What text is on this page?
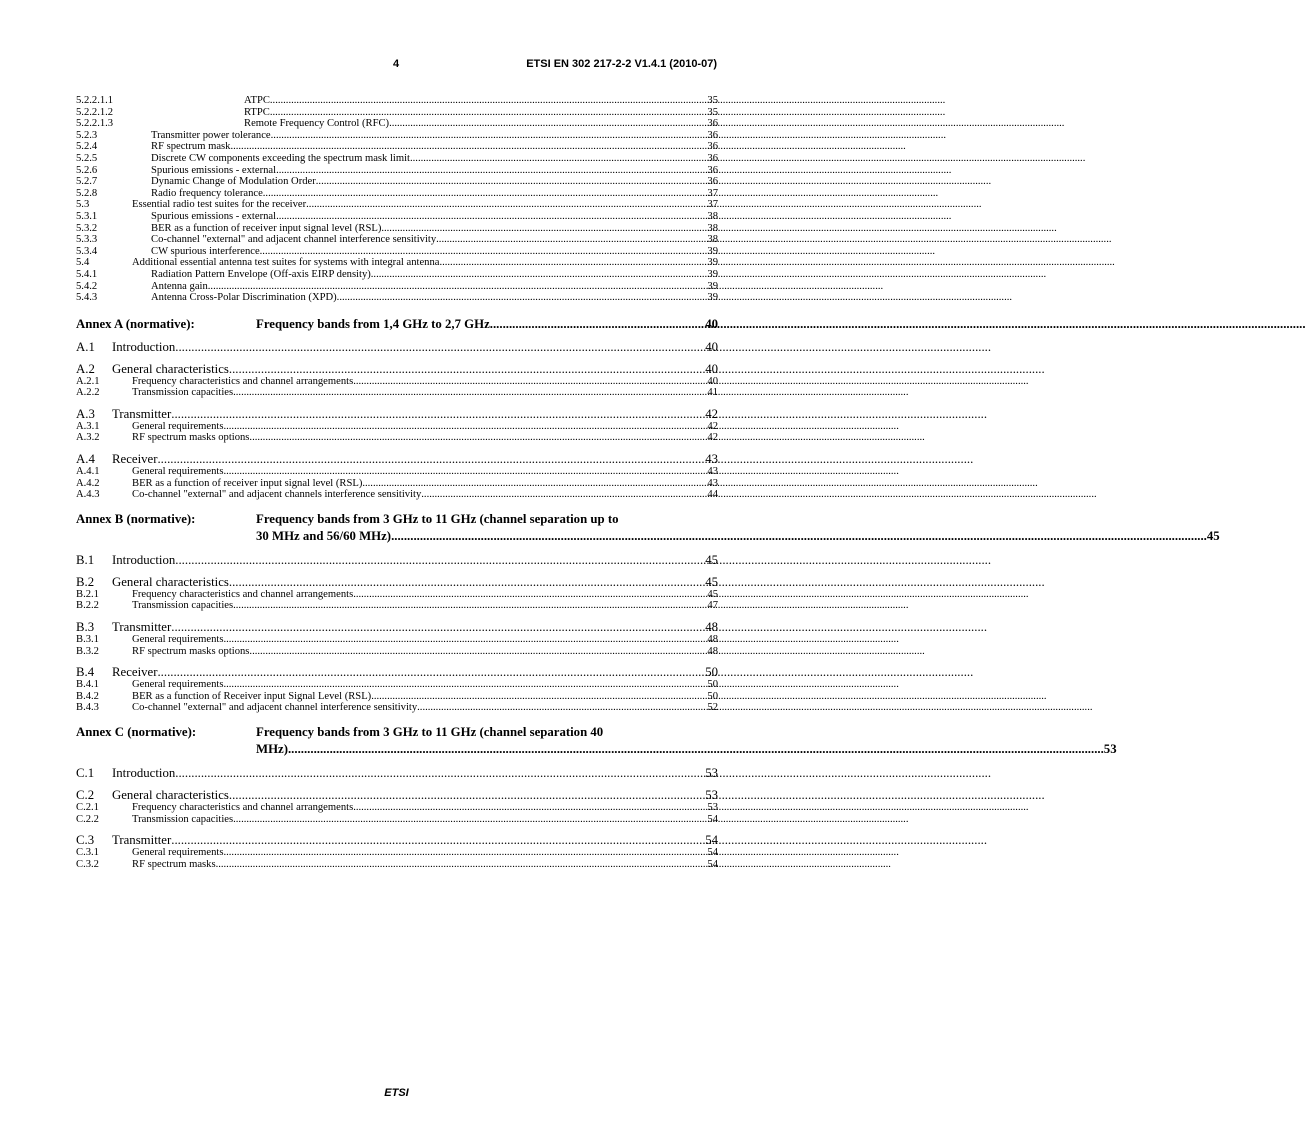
4	ETSI EN 302 217-2-2 V1.4.1 (2010-07)
5.2.2.1.1	ATPC .....	35
5.2.2.1.2	RTPC .....	35
5.2.2.1.3	Remote Frequency Control (RFC) .....	36
5.2.3	Transmitter power tolerance .....	36
5.2.4	RF spectrum mask .....	36
5.2.5	Discrete CW components exceeding the spectrum mask limit .....	36
5.2.6	Spurious emissions - external .....	36
5.2.7	Dynamic Change of Modulation Order .....	36
5.2.8	Radio frequency tolerance .....	37
5.3	Essential radio test suites for the receiver .....	37
5.3.1	Spurious emissions - external .....	38
5.3.2	BER as a function of receiver input signal level (RSL) .....	38
5.3.3	Co-channel "external" and adjacent channel interference sensitivity .....	38
5.3.4	CW spurious interference .....	39
5.4	Additional essential antenna test suites for systems with integral antenna .....	39
5.4.1	Radiation Pattern Envelope (Off-axis EIRP density) .....	39
5.4.2	Antenna gain .....	39
5.4.3	Antenna Cross-Polar Discrimination (XPD) .....	39
Annex A (normative):	Frequency bands from 1,4 GHz to 2,7 GHz .....	40
A.1	Introduction .....	40
A.2	General characteristics .....	40
A.2.1	Frequency characteristics and channel arrangements .....	40
A.2.2	Transmission capacities .....	41
A.3	Transmitter .....	42
A.3.1	General requirements .....	42
A.3.2	RF spectrum masks options .....	42
A.4	Receiver .....	43
A.4.1	General requirements .....	43
A.4.2	BER as a function of receiver input signal level (RSL) .....	43
A.4.3	Co-channel "external" and adjacent channels interference sensitivity .....	44
Annex B (normative):	Frequency bands from 3 GHz to 11 GHz (channel separation up to
30 MHz and 56/60 MHz) .....	45
B.1	Introduction .....	45
B.2	General characteristics .....	45
B.2.1	Frequency characteristics and channel arrangements .....	45
B.2.2	Transmission capacities .....	47
B.3	Transmitter .....	48
B.3.1	General requirements .....	48
B.3.2	RF spectrum masks options .....	48
B.4	Receiver .....	50
B.4.1	General requirements .....	50
B.4.2	BER as a function of Receiver input Signal Level (RSL) .....	50
B.4.3	Co-channel "external" and adjacent channel interference sensitivity .....	52
Annex C (normative):	Frequency bands from 3 GHz to 11 GHz (channel separation 40
MHz) .....	53
C.1	Introduction .....	53
C.2	General characteristics .....	53
C.2.1	Frequency characteristics and channel arrangements .....	53
C.2.2	Transmission capacities .....	54
C.3	Transmitter .....	54
C.3.1	General requirements .....	54
C.3.2	RF spectrum masks .....	54
ETSI
